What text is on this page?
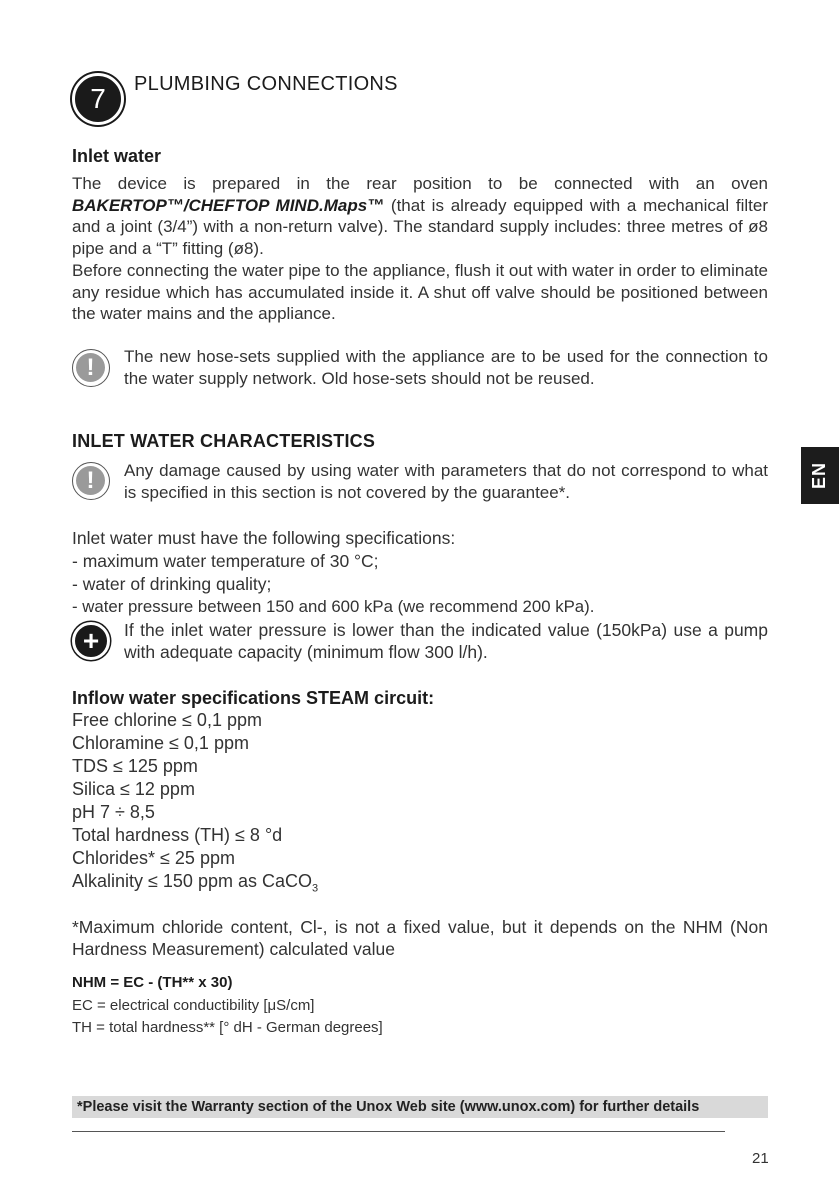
7	PLUMBING CONNECTIONS
Inlet water

The device is prepared in the rear position to be connected with an oven BAKERTOP™/CHEFTOP MIND.Maps™ (that is already equipped with a mechanical filter and a joint (3/4”) with a non-return valve). The standard supply includes: three metres of ø8 pipe and a “T” fitting (ø8).

Before connecting the water pipe to the appliance, flush it out with water in order to eliminate any residue which has accumulated inside it. A shut off valve should be positioned between the water mains and the appliance.

!	The new hose-sets supplied with the appliance are to be used for the connection to the water supply network. Old hose-sets should not be reused.

INLET WATER CHARACTERISTICS
!	Any damage caused by using water with parameters that do not correspond to what is specified in this section is not covered by the guarantee*.

Inlet water must have the following specifications:
- maximum water temperature of 30 °C;
- water of drinking quality;
- water pressure between 150 and 600 kPa (we recommend 200 kPa).
+	If the inlet water pressure is lower than the indicated value (150kPa) use a pump with adequate capacity (minimum flow 300 l/h).

Inflow water specifications STEAM circuit:
Free chlorine ≤ 0,1 ppm
Chloramine ≤ 0,1 ppm
TDS ≤ 125 ppm
Silica ≤ 12 ppm
pH 7 ÷ 8,5
Total hardness (TH) ≤ 8 °d
Chlorides* ≤ 25 ppm
Alkalinity ≤ 150 ppm as CaCO$_3$

*Maximum chloride content, Cl-, is not a fixed value, but it depends on the NHM (Non Hardness Measurement) calculated value

NHM = EC - (TH** x 30)
EC = electrical conductibility [μS/cm]
TH = total hardness** [° dH - German degrees]
*Please visit the Warranty section of the Unox Web site (www.unox.com) for further details
21
EN
